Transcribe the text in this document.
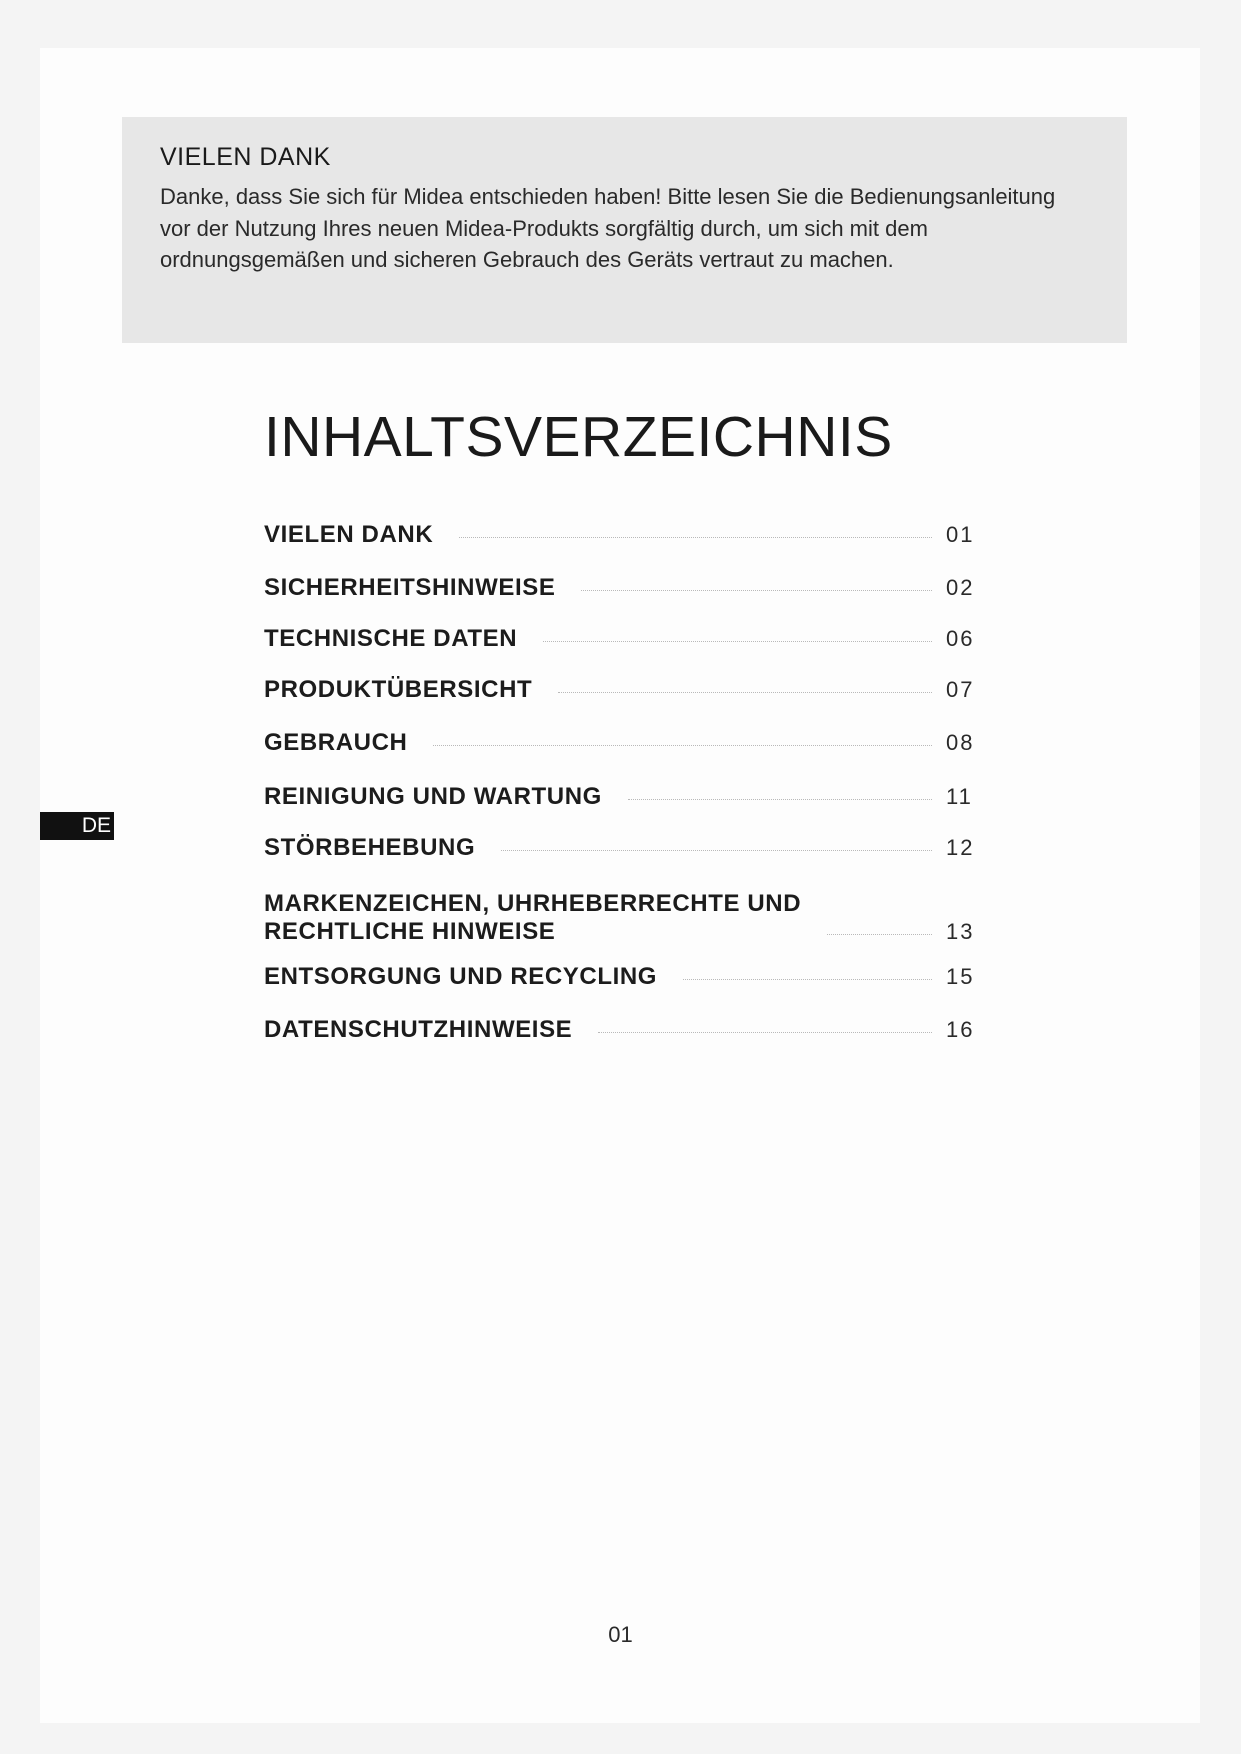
VIELEN DANK

Danke, dass Sie sich für Midea entschieden haben! Bitte lesen Sie die Bedienungsanleitung vor der Nutzung Ihres neuen Midea-Produkts sorgfältig durch, um sich mit dem ordnungsgemäßen und sicheren Gebrauch des Geräts vertraut zu machen.

INHALTSVERZEICHNIS
VIELEN DANK	01
SICHERHEITSHINWEISE	02
TECHNISCHE DATEN	06
PRODUKTÜBERSICHT	07
GEBRAUCH	08
REINIGUNG UND WARTUNG	11
STÖRBEHEBUNG	12
MARKENZEICHEN, UHRHEBERRECHTE UND
RECHTLICHE HINWEISE	13
ENTSORGUNG UND RECYCLING	15
DATENSCHUTZHINWEISE	16
DE
01
